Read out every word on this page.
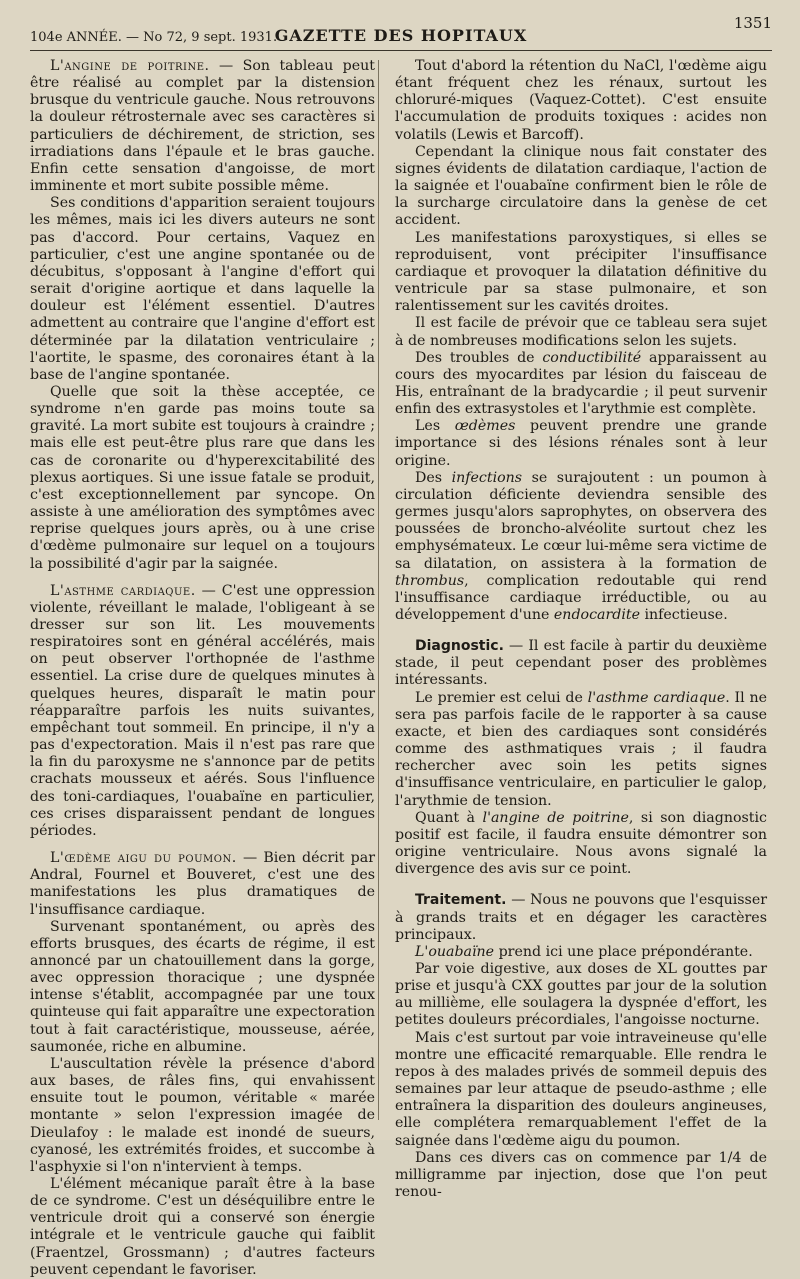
104e ANNÉE. — No 72, 9 sept. 1931.
GAZETTE DES HOPITAUX
1351

L'angine de poitrine. — Son tableau peut être réalisé au complet par la distension brusque du ventricule gauche. Nous retrouvons la douleur rétrosternale avec ses caractères si particuliers de déchirement, de striction, ses irradiations dans l'épaule et le bras gauche. Enfin cette sensation d'angoisse, de mort imminente et mort subite possible même.

Ses conditions d'apparition seraient toujours les mêmes, mais ici les divers auteurs ne sont pas d'accord. Pour certains, Vaquez en particulier, c'est une angine spontanée ou de décubitus, s'opposant à l'angine d'effort qui serait d'origine aortique et dans laquelle la douleur est l'élément essentiel. D'autres admettent au contraire que l'angine d'effort est déterminée par la dilatation ventriculaire ; l'aortite, le spasme, des coronaires étant à la base de l'angine spontanée.

Quelle que soit la thèse acceptée, ce syndrome n'en garde pas moins toute sa gravité. La mort subite est toujours à craindre ; mais elle est peut-être plus rare que dans les cas de coronarite ou d'hyperexcitabilité des plexus aortiques. Si une issue fatale se produit, c'est exceptionnellement par syncope. On assiste à une amélioration des symptômes avec reprise quelques jours après, ou à une crise d'œdème pulmonaire sur lequel on a toujours la possibilité d'agir par la saignée.

L'asthme cardiaque. — C'est une oppression violente, réveillant le malade, l'obligeant à se dresser sur son lit. Les mouvements respiratoires sont en général accélérés, mais on peut observer l'orthopnée de l'asthme essentiel. La crise dure de quelques minutes à quelques heures, disparaît le matin pour réapparaître parfois les nuits suivantes, empêchant tout sommeil. En principe, il n'y a pas d'expectoration. Mais il n'est pas rare que la fin du paroxysme ne s'annonce par de petits crachats mousseux et aérés. Sous l'influence des toni-cardiaques, l'ouabaïne en particulier, ces crises disparaissent pendant de longues périodes.

L'œdème aigu du poumon. — Bien décrit par Andral, Fournel et Bouveret, c'est une des manifestations les plus dramatiques de l'insuffisance cardiaque.

Survenant spontanément, ou après des efforts brusques, des écarts de régime, il est annoncé par un chatouillement dans la gorge, avec oppression thoracique ; une dyspnée intense s'établit, accompagnée par une toux quinteuse qui fait apparaître une expectoration tout à fait caractéristique, mousseuse, aérée, saumonée, riche en albumine.

L'auscultation révèle la présence d'abord aux bases, de râles fins, qui envahissent ensuite tout le poumon, véritable « marée montante » selon l'expression imagée de Dieulafoy : le malade est inondé de sueurs, cyanosé, les extrémités froides, et succombe à l'asphyxie si l'on n'intervient à temps.

L'élément mécanique paraît être à la base de ce syndrome. C'est un déséquilibre entre le ventricule droit qui a conservé son énergie intégrale et le ventricule gauche qui faiblit (Fraentzel, Grossmann) ; d'autres facteurs peuvent cependant le favoriser.

Tout d'abord la rétention du NaCl, l'œdème aigu étant fréquent chez les rénaux, surtout les chloruré-miques (Vaquez-Cottet). C'est ensuite l'accumulation de produits toxiques : acides non volatils (Lewis et Barcoff).

Cependant la clinique nous fait constater des signes évidents de dilatation cardiaque, l'action de la saignée et l'ouabaïne confirment bien le rôle de la surcharge circulatoire dans la genèse de cet accident.

Les manifestations paroxystiques, si elles se reproduisent, vont précipiter l'insuffisance cardiaque et provoquer la dilatation définitive du ventricule par sa stase pulmonaire, et son ralentissement sur les cavités droites.

Il est facile de prévoir que ce tableau sera sujet à de nombreuses modifications selon les sujets.

Des troubles de conductibilité apparaissent au cours des myocardites par lésion du faisceau de His, entraînant de la bradycardie ; il peut survenir enfin des extrasystoles et l'arythmie est complète.

Les œdèmes peuvent prendre une grande importance si des lésions rénales sont à leur origine.

Des infections se surajoutent : un poumon à circulation déficiente deviendra sensible des germes jusqu'alors saprophytes, on observera des poussées de broncho-alvéolite surtout chez les emphysémateux. Le cœur lui-même sera victime de sa dilatation, on assistera à la formation de thrombus, complication redoutable qui rend l'insuffisance cardiaque irréductible, ou au développement d'une endocardite infectieuse.

Diagnostic. — Il est facile à partir du deuxième stade, il peut cependant poser des problèmes intéressants.

Le premier est celui de l'asthme cardiaque. Il ne sera pas parfois facile de le rapporter à sa cause exacte, et bien des cardiaques sont considérés comme des asthmatiques vrais ; il faudra rechercher avec soin les petits signes d'insuffisance ventriculaire, en particulier le galop, l'arythmie de tension.

Quant à l'angine de poitrine, si son diagnostic positif est facile, il faudra ensuite démontrer son origine ventriculaire. Nous avons signalé la divergence des avis sur ce point.

Traitement. — Nous ne pouvons que l'esquisser à grands traits et en dégager les caractères principaux.

L'ouabaïne prend ici une place prépondérante.

Par voie digestive, aux doses de XL gouttes par prise et jusqu'à CXX gouttes par jour de la solution au millième, elle soulagera la dyspnée d'effort, les petites douleurs précordiales, l'angoisse nocturne.

Mais c'est surtout par voie intraveineuse qu'elle montre une efficacité remarquable. Elle rendra le repos à des malades privés de sommeil depuis des semaines par leur attaque de pseudo-asthme ; elle entraînera la disparition des douleurs angineuses, elle complétera remarquablement l'effet de la saignée dans l'œdème aigu du poumon.

Dans ces divers cas on commence par 1/4 de milligramme par injection, dose que l'on peut renou-
